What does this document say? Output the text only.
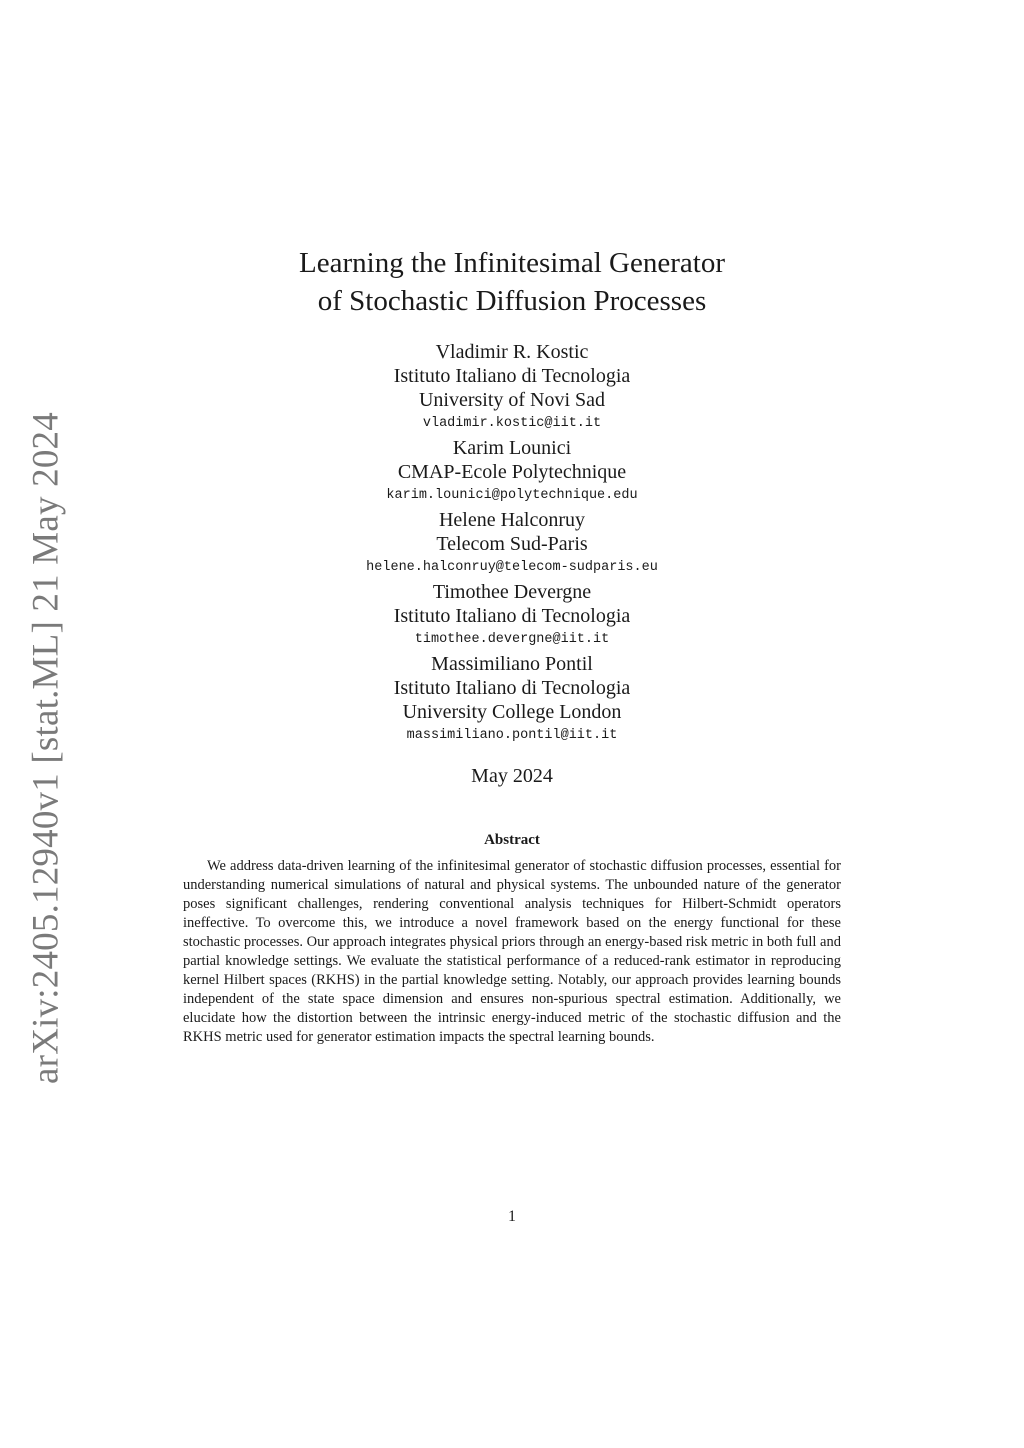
arXiv:2405.12940v1 [stat.ML] 21 May 2024
Learning the Infinitesimal Generator
of Stochastic Diffusion Processes
Vladimir R. Kostic
Istituto Italiano di Tecnologia
University of Novi Sad
vladimir.kostic@iit.it
Karim Lounici
CMAP-Ecole Polytechnique
karim.lounici@polytechnique.edu
Helene Halconruy
Telecom Sud-Paris
helene.halconruy@telecom-sudparis.eu
Timothee Devergne
Istituto Italiano di Tecnologia
timothee.devergne@iit.it
Massimiliano Pontil
Istituto Italiano di Tecnologia
University College London
massimiliano.pontil@iit.it
May 2024
Abstract
We address data-driven learning of the infinitesimal generator of stochastic diffusion processes, essential for understanding numerical simulations of natural and physical systems. The unbounded nature of the generator poses significant challenges, rendering conventional analysis techniques for Hilbert-Schmidt operators ineffective. To overcome this, we introduce a novel framework based on the energy functional for these stochastic processes. Our approach integrates physical priors through an energy-based risk metric in both full and partial knowledge settings. We evaluate the statistical performance of a reduced-rank estimator in reproducing kernel Hilbert spaces (RKHS) in the partial knowledge setting. Notably, our approach provides learning bounds independent of the state space dimension and ensures non-spurious spectral estimation. Additionally, we elucidate how the distortion between the intrinsic energy-induced metric of the stochastic diffusion and the RKHS metric used for generator estimation impacts the spectral learning bounds.
1
